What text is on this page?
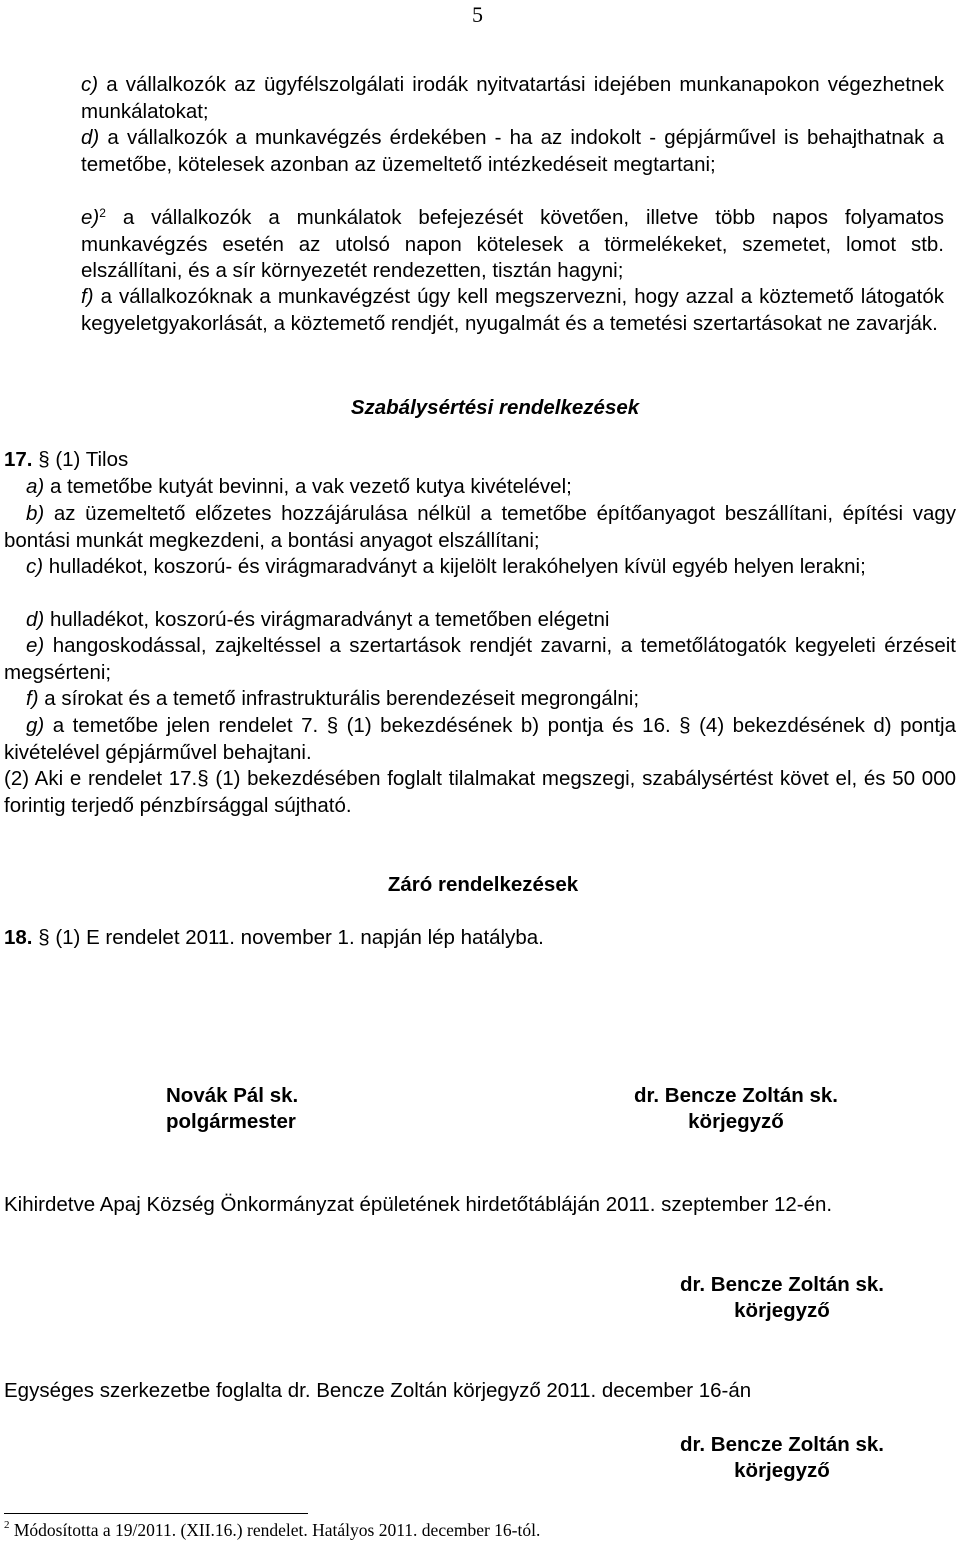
5

c) a vállalkozók az ügyfélszolgálati irodák nyitvatartási idejében munkanapokon végezhetnek munkálatokat;

d) a vállalkozók a munkavégzés érdekében - ha az indokolt - gépjárművel is behajthatnak a temetőbe, kötelesek azonban az üzemeltető intézkedéseit megtartani;

e)$^2$ a vállalkozók a munkálatok befejezését követően, illetve több napos folyamatos munkavégzés esetén az utolsó napon kötelesek a törmelékeket, szemetet, lomot stb. elszállítani, és a sír környezetét rendezetten, tisztán hagyni;

f) a vállalkozóknak a munkavégzést úgy kell megszervezni, hogy azzal a köztemető látogatók kegyeletgyakorlását, a köztemető rendjét, nyugalmát és a temetési szertartásokat ne zavarják.

Szabálysértési rendelkezések

17. § (1) Tilos

a) a temetőbe kutyát bevinni, a vak vezető kutya kivételével;

b) az üzemeltető előzetes hozzájárulása nélkül a temetőbe építőanyagot beszállítani, építési vagy bontási munkát megkezdeni, a bontási anyagot elszállítani;

c) hulladékot, koszorú- és virágmaradványt a kijelölt lerakóhelyen kívül egyéb helyen lerakni;

d) hulladékot, koszorú-és virágmaradványt a temetőben elégetni

e) hangoskodással, zajkeltéssel a szertartások rendjét zavarni, a temetőlátogatók kegyeleti érzéseit megsérteni;

f) a sírokat és a temető infrastrukturális berendezéseit megrongálni;

g) a temetőbe jelen rendelet 7. § (1) bekezdésének b) pontja és 16. § (4) bekezdésének d) pontja kivételével gépjárművel behajtani.

(2) Aki e rendelet 17.§ (1) bekezdésében foglalt tilalmakat megszegi, szabálysértést követ el, és 50 000 forintig terjedő pénzbírsággal sújtható.

Záró rendelkezések

18. § (1) E rendelet 2011. november 1. napján lép hatályba.

Novák Pál sk.
polgármester
dr. Bencze Zoltán sk.
körjegyző

Kihirdetve Apaj Község Önkormányzat épületének hirdetőtábláján 2011. szeptember 12-én.

dr. Bencze Zoltán sk.
körjegyző

Egységes szerkezetbe foglalta dr. Bencze Zoltán körjegyző 2011. december 16-án

dr. Bencze Zoltán sk.
körjegyző
$^2$ Módosította a 19/2011. (XII.16.) rendelet. Hatályos 2011. december 16-tól.
